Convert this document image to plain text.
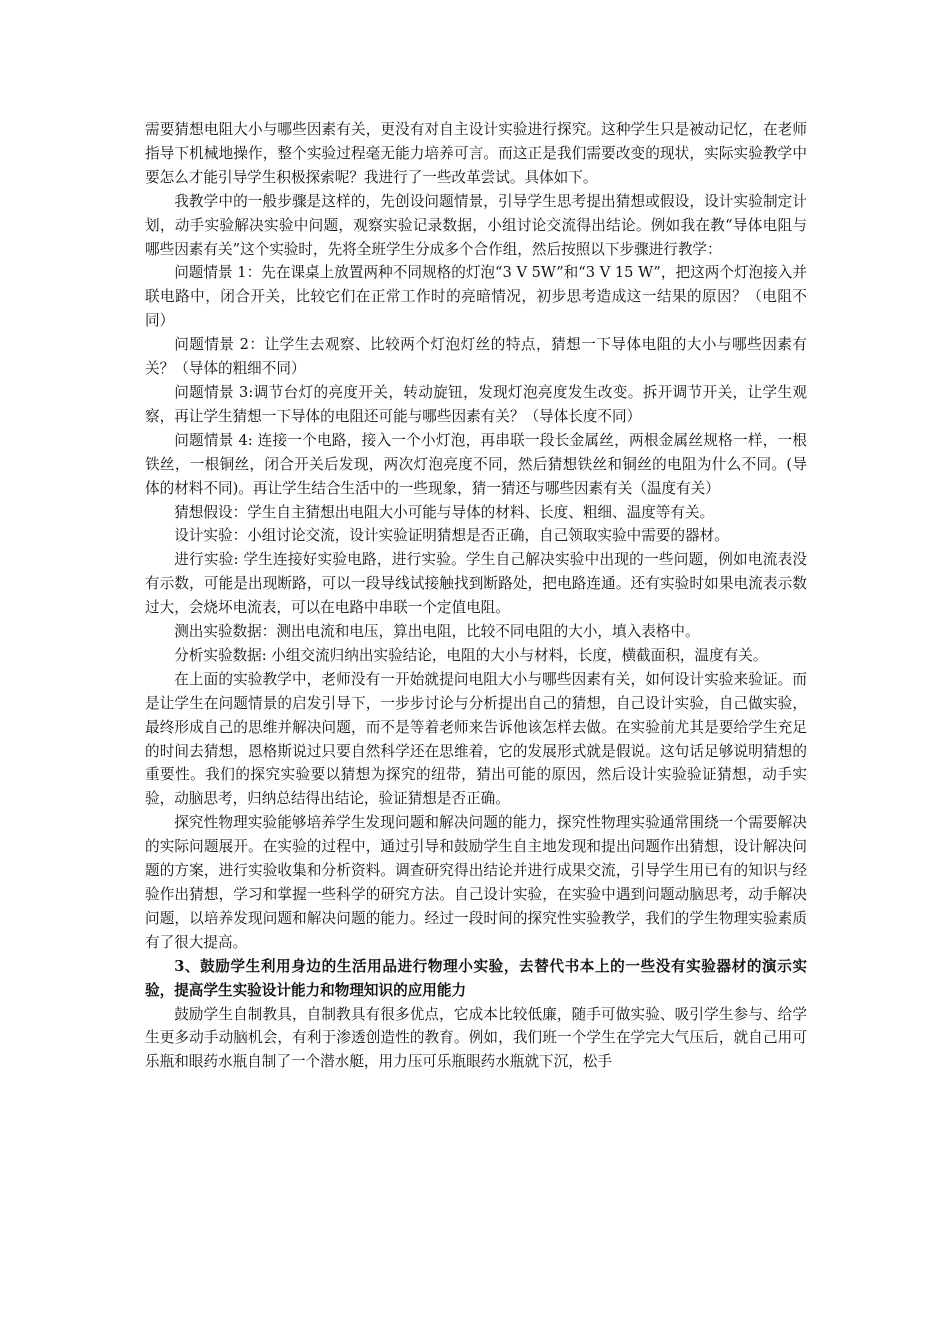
需要猜想电阻大小与哪些因素有关，更没有对自主设计实验进行探究。这种学生只是被动记忆，在老师指导下机械地操作，整个实验过程毫无能力培养可言。而这正是我们需要改变的现状，实际实验教学中要怎么才能引导学生积极探索呢？我进行了一些改革尝试。具体如下。

我教学中的一般步骤是这样的，先创设问题情景，引导学生思考提出猜想或假设，设计实验制定计划，动手实验解决实验中问题，观察实验记录数据，小组讨论交流得出结论。例如我在教“导体电阻与哪些因素有关”这个实验时，先将全班学生分成多个合作组，然后按照以下步骤进行教学：

问题情景 1：先在课桌上放置两种不同规格的灯泡“3 V 5W”和“3 V 15 W”，把这两个灯泡接入并联电路中，闭合开关，比较它们在正常工作时的亮暗情况，初步思考造成这一结果的原因？（电阻不同）

问题情景 2：让学生去观察、比较两个灯泡灯丝的特点，猜想一下导体电阻的大小与哪些因素有关？（导体的粗细不同）

问题情景 3:调节台灯的亮度开关，转动旋钮，发现灯泡亮度发生改变。拆开调节开关，让学生观察，再让学生猜想一下导体的电阻还可能与哪些因素有关？（导体长度不同）

问题情景 4: 连接一个电路，接入一个小灯泡，再串联一段长金属丝，两根金属丝规格一样，一根铁丝，一根铜丝，闭合开关后发现，两次灯泡亮度不同，然后猜想铁丝和铜丝的电阻为什么不同。(导体的材料不同)。再让学生结合生活中的一些现象，猜一猜还与哪些因素有关（温度有关）

猜想假设：学生自主猜想出电阻大小可能与导体的材料、长度、粗细、温度等有关。

设计实验：小组讨论交流，设计实验证明猜想是否正确，自己领取实验中需要的器材。

进行实验: 学生连接好实验电路，进行实验。学生自己解决实验中出现的一些问题，例如电流表没有示数，可能是出现断路，可以一段导线试接触找到断路处，把电路连通。还有实验时如果电流表示数过大，会烧坏电流表，可以在电路中串联一个定值电阻。

测出实验数据：测出电流和电压，算出电阻，比较不同电阻的大小，填入表格中。

分析实验数据: 小组交流归纳出实验结论，电阻的大小与材料，长度，横截面积，温度有关。

在上面的实验教学中，老师没有一开始就提问电阻大小与哪些因素有关，如何设计实验来验证。而是让学生在问题情景的启发引导下，一步步讨论与分析提出自己的猜想，自己设计实验，自己做实验，最终形成自己的思维并解决问题，而不是等着老师来告诉他该怎样去做。在实验前尤其是要给学生充足的时间去猜想，恩格斯说过只要自然科学还在思维着，它的发展形式就是假说。这句话足够说明猜想的重要性。我们的探究实验要以猜想为探究的纽带，猜出可能的原因，然后设计实验验证猜想，动手实验，动脑思考，归纳总结得出结论，验证猜想是否正确。

探究性物理实验能够培养学生发现问题和解决问题的能力，探究性物理实验通常围绕一个需要解决的实际问题展开。在实验的过程中，通过引导和鼓励学生自主地发现和提出问题作出猜想，设计解决问题的方案，进行实验收集和分析资料。调查研究得出结论并进行成果交流，引导学生用已有的知识与经验作出猜想，学习和掌握一些科学的研究方法。自己设计实验，在实验中遇到问题动脑思考，动手解决问题，以培养发现问题和解决问题的能力。经过一段时间的探究性实验教学，我们的学生物理实验素质有了很大提高。

3、鼓励学生利用身边的生活用品进行物理小实验，去替代书本上的一些没有实验器材的演示实验，提高学生实验设计能力和物理知识的应用能力

鼓励学生自制教具，自制教具有很多优点，它成本比较低廉，随手可做实验、吸引学生参与、给学生更多动手动脑机会，有利于渗透创造性的教育。例如，我们班一个学生在学完大气压后，就自己用可乐瓶和眼药水瓶自制了一个潜水艇，用力压可乐瓶眼药水瓶就下沉，松手
